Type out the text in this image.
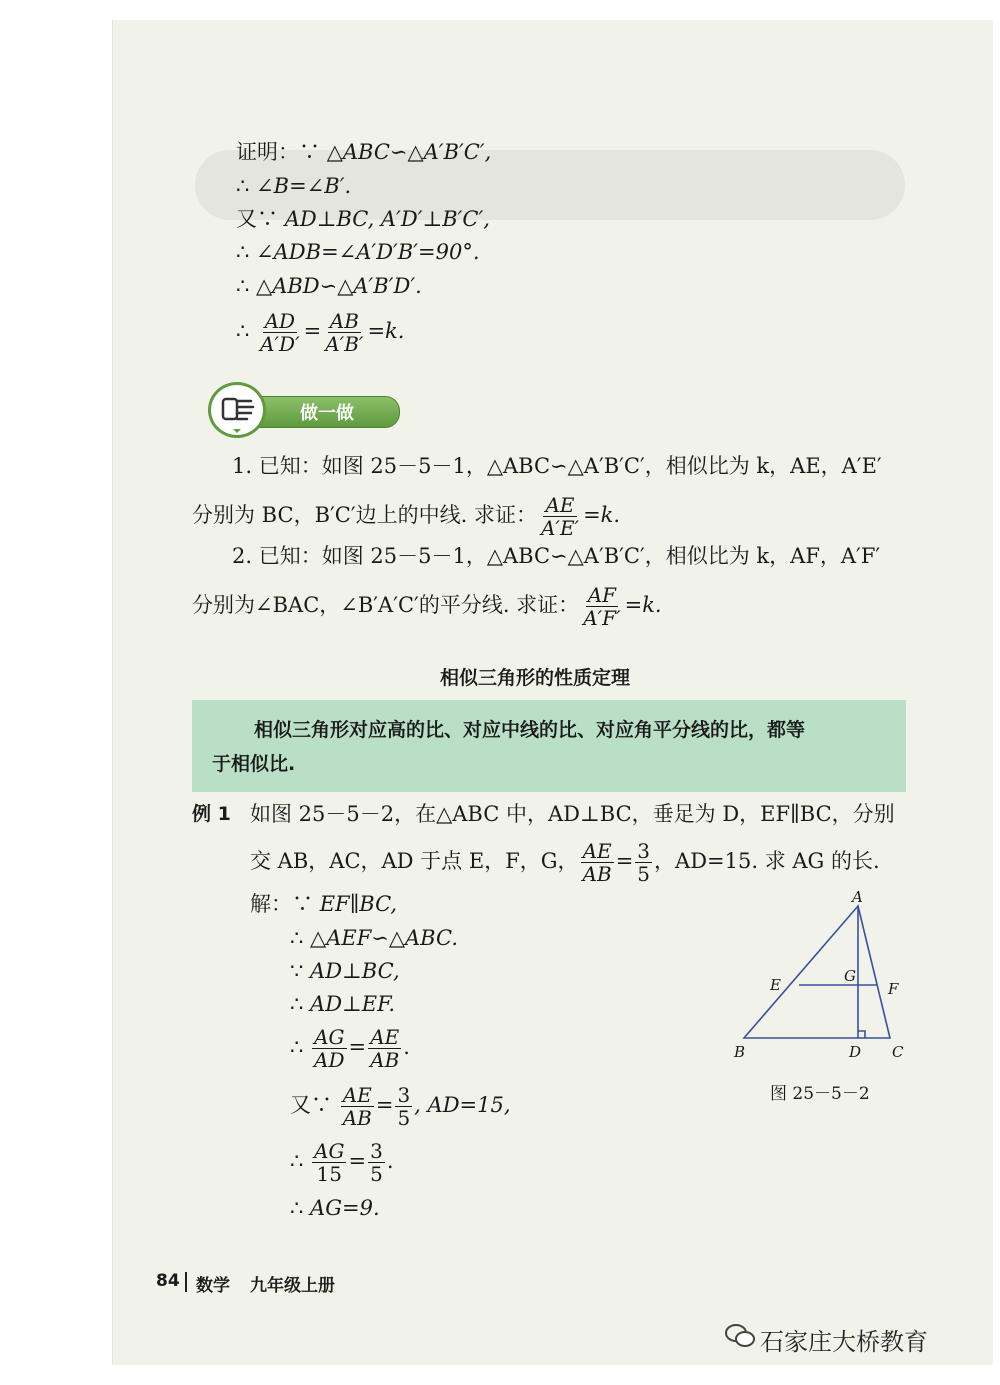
证明：∵ △ABC∽△A′B′C′,
∴ ∠B=∠B′.
又∵ AD⊥BC, A′D′⊥B′C′,
∴ ∠ADB=∠A′D′B′=90°.
∴ △ABD∽△A′B′D′.
∴ $\frac{AD}{A'D'} = \frac{AB}{A'B'} =k$.
做一做
1. 已知：如图 25－5－1，△ABC∽△A′B′C′，相似比为 k，AE，A′E′
分别为 BC，B′C′边上的中线. 求证： $\frac{AE}{A'E'} =k$.
2. 已知：如图 25－5－1，△ABC∽△A′B′C′，相似比为 k，AF，A′F′
分别为∠BAC，∠B′A′C′的平分线. 求证： $\frac{AF}{A'F'} =k$.
相似三角形的性质定理
相似三角形对应高的比、对应中线的比、对应角平分线的比，都等
于相似比.
例 1 如图 25－5－2，在△ABC 中，AD⊥BC，垂足为 D，EF∥BC，分别
交 AB，AC，AD 于点 E，F，G， $\frac{AE}{AB} = \frac{3}{5}$ ，AD=15. 求 AG 的长.
解：∵ EF∥BC,
∴ △AEF∽△ABC.
∵ AD⊥BC,
∴ AD⊥EF.
∴ $\frac{AG}{AD} = \frac{AE}{AB}$ .
又∵ $\frac{AE}{AB} = \frac{3}{5}$ , AD=15,
∴ $\frac{AG}{15} = \frac{3}{5}$ .
∴ AG=9.
A
B	C
D
E	F
G
图 25－5－2
84 数学 九年级上册
石家庄大桥教育
